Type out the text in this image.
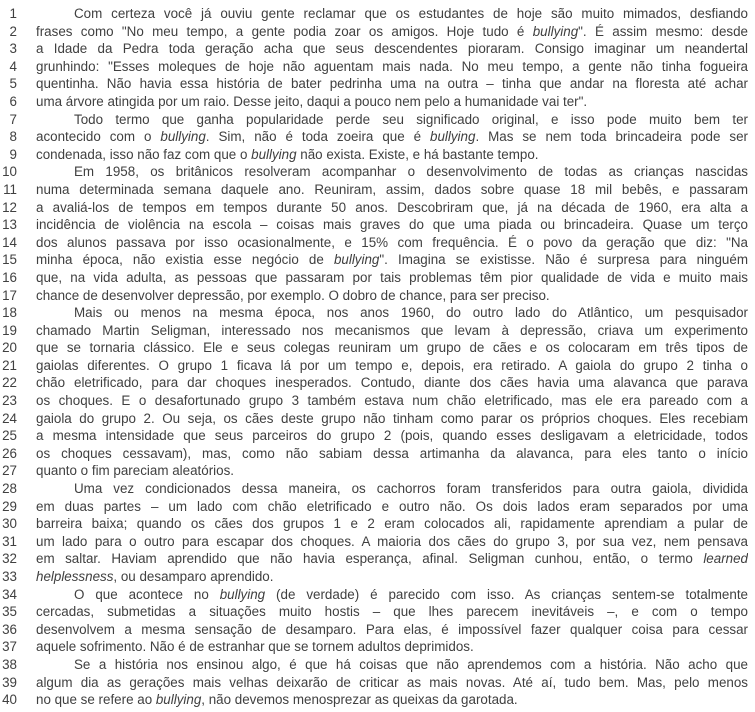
1	Com certeza você já ouviu gente reclamar que os estudantes de hoje são muito mimados, desfiando
2 frases como "No meu tempo, a gente podia zoar os amigos. Hoje tudo é bullying". É assim mesmo: desde
3 a Idade da Pedra toda geração acha que seus descendentes pioraram. Consigo imaginar um neandertal
4 grunhindo: "Esses moleques de hoje não aguentam mais nada. No meu tempo, a gente não tinha fogueira
5 quentinha. Não havia essa história de bater pedrinha uma na outra – tinha que andar na floresta até achar
6 uma árvore atingida por um raio. Desse jeito, daqui a pouco nem pelo a humanidade vai ter".
7	Todo termo que ganha popularidade perde seu significado original, e isso pode muito bem ter
8 acontecido com o bullying. Sim, não é toda zoeira que é bullying. Mas se nem toda brincadeira pode ser
9 condenada, isso não faz com que o bullying não exista. Existe, e há bastante tempo.
10	Em 1958, os britânicos resolveram acompanhar o desenvolvimento de todas as crianças nascidas
11 numa determinada semana daquele ano. Reuniram, assim, dados sobre quase 18 mil bebês, e passaram
12 a avaliá-los de tempos em tempos durante 50 anos. Descobriram que, já na década de 1960, era alta a
13 incidência de violência na escola – coisas mais graves do que uma piada ou brincadeira. Quase um terço
14 dos alunos passava por isso ocasionalmente, e 15% com frequência. É o povo da geração que diz: "Na
15 minha época, não existia esse negócio de bullying". Imagina se existisse. Não é surpresa para ninguém
16 que, na vida adulta, as pessoas que passaram por tais problemas têm pior qualidade de vida e muito mais
17 chance de desenvolver depressão, por exemplo. O dobro de chance, para ser preciso.
18	Mais ou menos na mesma época, nos anos 1960, do outro lado do Atlântico, um pesquisador
19 chamado Martin Seligman, interessado nos mecanismos que levam à depressão, criava um experimento
20 que se tornaria clássico. Ele e seus colegas reuniram um grupo de cães e os colocaram em três tipos de
21 gaiolas diferentes. O grupo 1 ficava lá por um tempo e, depois, era retirado. A gaiola do grupo 2 tinha o
22 chão eletrificado, para dar choques inesperados. Contudo, diante dos cães havia uma alavanca que parava
23 os choques. E o desafortunado grupo 3 também estava num chão eletrificado, mas ele era pareado com a
24 gaiola do grupo 2. Ou seja, os cães deste grupo não tinham como parar os próprios choques. Eles recebiam
25 a mesma intensidade que seus parceiros do grupo 2 (pois, quando esses desligavam a eletricidade, todos
26 os choques cessavam), mas, como não sabiam dessa artimanha da alavanca, para eles tanto o início
27 quanto o fim pareciam aleatórios.
28	Uma vez condicionados dessa maneira, os cachorros foram transferidos para outra gaiola, dividida
29 em duas partes – um lado com chão eletrificado e outro não. Os dois lados eram separados por uma
30 barreira baixa; quando os cães dos grupos 1 e 2 eram colocados ali, rapidamente aprendiam a pular de
31 um lado para o outro para escapar dos choques. A maioria dos cães do grupo 3, por sua vez, nem pensava
32 em saltar. Haviam aprendido que não havia esperança, afinal. Seligman cunhou, então, o termo learned
33 helplessness, ou desamparo aprendido.
34	O que acontece no bullying (de verdade) é parecido com isso. As crianças sentem-se totalmente
35 cercadas, submetidas a situações muito hostis – que lhes parecem inevitáveis –, e com o tempo
36 desenvolvem a mesma sensação de desamparo. Para elas, é impossível fazer qualquer coisa para cessar
37 aquele sofrimento. Não é de estranhar que se tornem adultos deprimidos.
38	Se a história nos ensinou algo, é que há coisas que não aprendemos com a história. Não acho que
39 algum dia as gerações mais velhas deixarão de criticar as mais novas. Até aí, tudo bem. Mas, pelo menos
40 no que se refere ao bullying, não devemos menosprezar as queixas da garotada.
